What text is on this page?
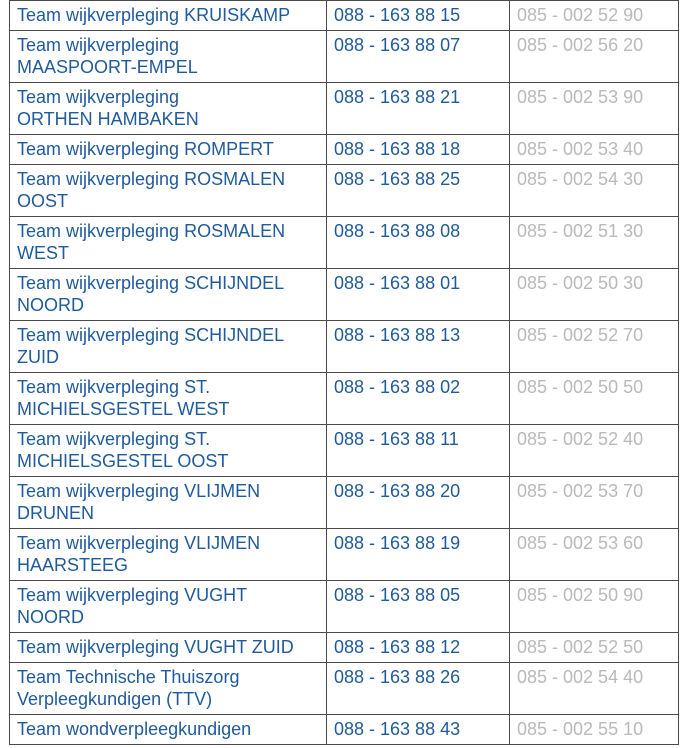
Team wijkverpleging KRUISKAMP	088 - 163 88 15	085 - 002 52 90

Team wijkverpleging
MAASPOORT-EMPEL	088 - 163 88 07	085 - 002 56 20

Team wijkverpleging
ORTHEN HAMBAKEN	088 - 163 88 21	085 - 002 53 90

Team wijkverpleging ROMPERT	088 - 163 88 18	085 - 002 53 40

Team wijkverpleging ROSMALEN
OOST	088 - 163 88 25	085 - 002 54 30

Team wijkverpleging ROSMALEN
WEST	088 - 163 88 08	085 - 002 51 30

Team wijkverpleging SCHIJNDEL
NOORD	088 - 163 88 01	085 - 002 50 30

Team wijkverpleging SCHIJNDEL
ZUID	088 - 163 88 13	085 - 002 52 70

Team wijkverpleging ST.
MICHIELSGESTEL WEST	088 - 163 88 02	085 - 002 50 50

Team wijkverpleging ST.
MICHIELSGESTEL OOST	088 - 163 88 11	085 - 002 52 40

Team wijkverpleging VLIJMEN
DRUNEN	088 - 163 88 20	085 - 002 53 70

Team wijkverpleging VLIJMEN
HAARSTEEG	088 - 163 88 19	085 - 002 53 60

Team wijkverpleging VUGHT
NOORD	088 - 163 88 05	085 - 002 50 90

Team wijkverpleging VUGHT ZUID	088 - 163 88 12	085 - 002 52 50

Team Technische Thuiszorg
Verpleegkundigen (TTV)	088 - 163 88 26	085 - 002 54 40

Team wondverpleegkundigen	088 - 163 88 43	085 - 002 55 10
